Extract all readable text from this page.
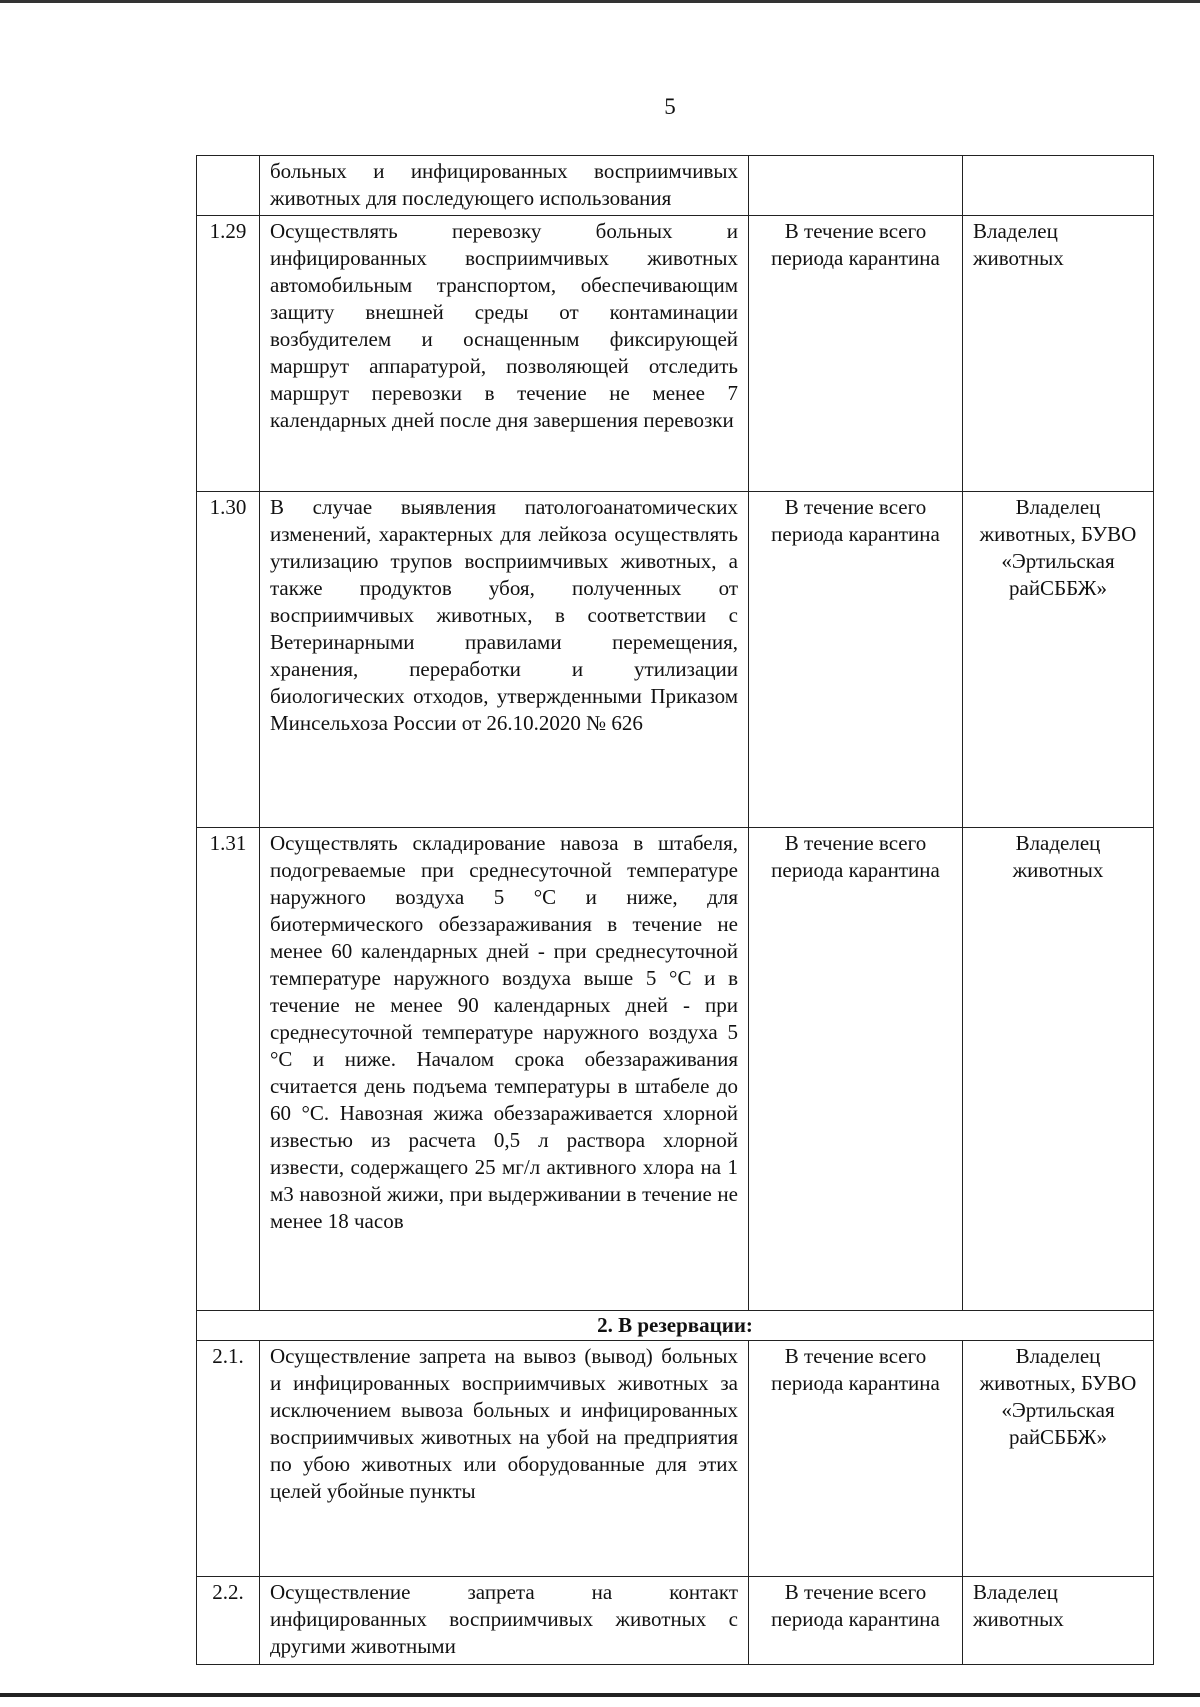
5
	больных и инфицированных восприимчивых животных для последующего использования		
1.29	Осуществлять перевозку больных и инфицированных восприимчивых животных автомобильным транспортом, обеспечивающим защиту внешней среды от контаминации возбудителем и оснащенным фиксирующей маршрут аппаратурой, позволяющей отследить маршрут перевозки в течение не менее 7 календарных дней после дня завершения перевозки	В течение всего периода карантина	Владелец животных
1.30	В случае выявления патологоанатомических изменений, характерных для лейкоза осуществлять утилизацию трупов восприимчивых животных, а также продуктов убоя, полученных от восприимчивых животных, в соответствии с Ветеринарными правилами перемещения, хранения, переработки и утилизации биологических отходов, утвержденными Приказом Минсельхоза России от 26.10.2020 № 626	В течение всего периода карантина	Владелец животных, БУВО «Эртильская райСББЖ»
1.31	Осуществлять складирование навоза в штабеля, подогреваемые при среднесуточной температуре наружного воздуха 5 °С и ниже, для биотермического обеззараживания в течение не менее 60 календарных дней - при среднесуточной температуре наружного воздуха выше 5 °С и в течение не менее 90 календарных дней - при среднесуточной температуре наружного воздуха 5 °С и ниже. Началом срока обеззараживания считается день подъема температуры в штабеле до 60 °С. Навозная жижа обеззараживается хлорной известью из расчета 0,5 л раствора хлорной извести, содержащего 25 мг/л активного хлора на 1 м3 навозной жижи, при выдерживании в течение не менее 18 часов	В течение всего периода карантина	Владелец животных
2. В резервации:			
2.1.	Осуществление запрета на вывоз (вывод) больных и инфицированных восприимчивых животных за исключением вывоза больных и инфицированных восприимчивых животных на убой на предприятия по убою животных или оборудованные для этих целей убойные пункты	В течение всего периода карантина	Владелец животных, БУВО «Эртильская райСББЖ»
2.2.	Осуществление запрета на контакт инфицированных восприимчивых животных с другими животными	В течение всего периода карантина	Владелец животных
